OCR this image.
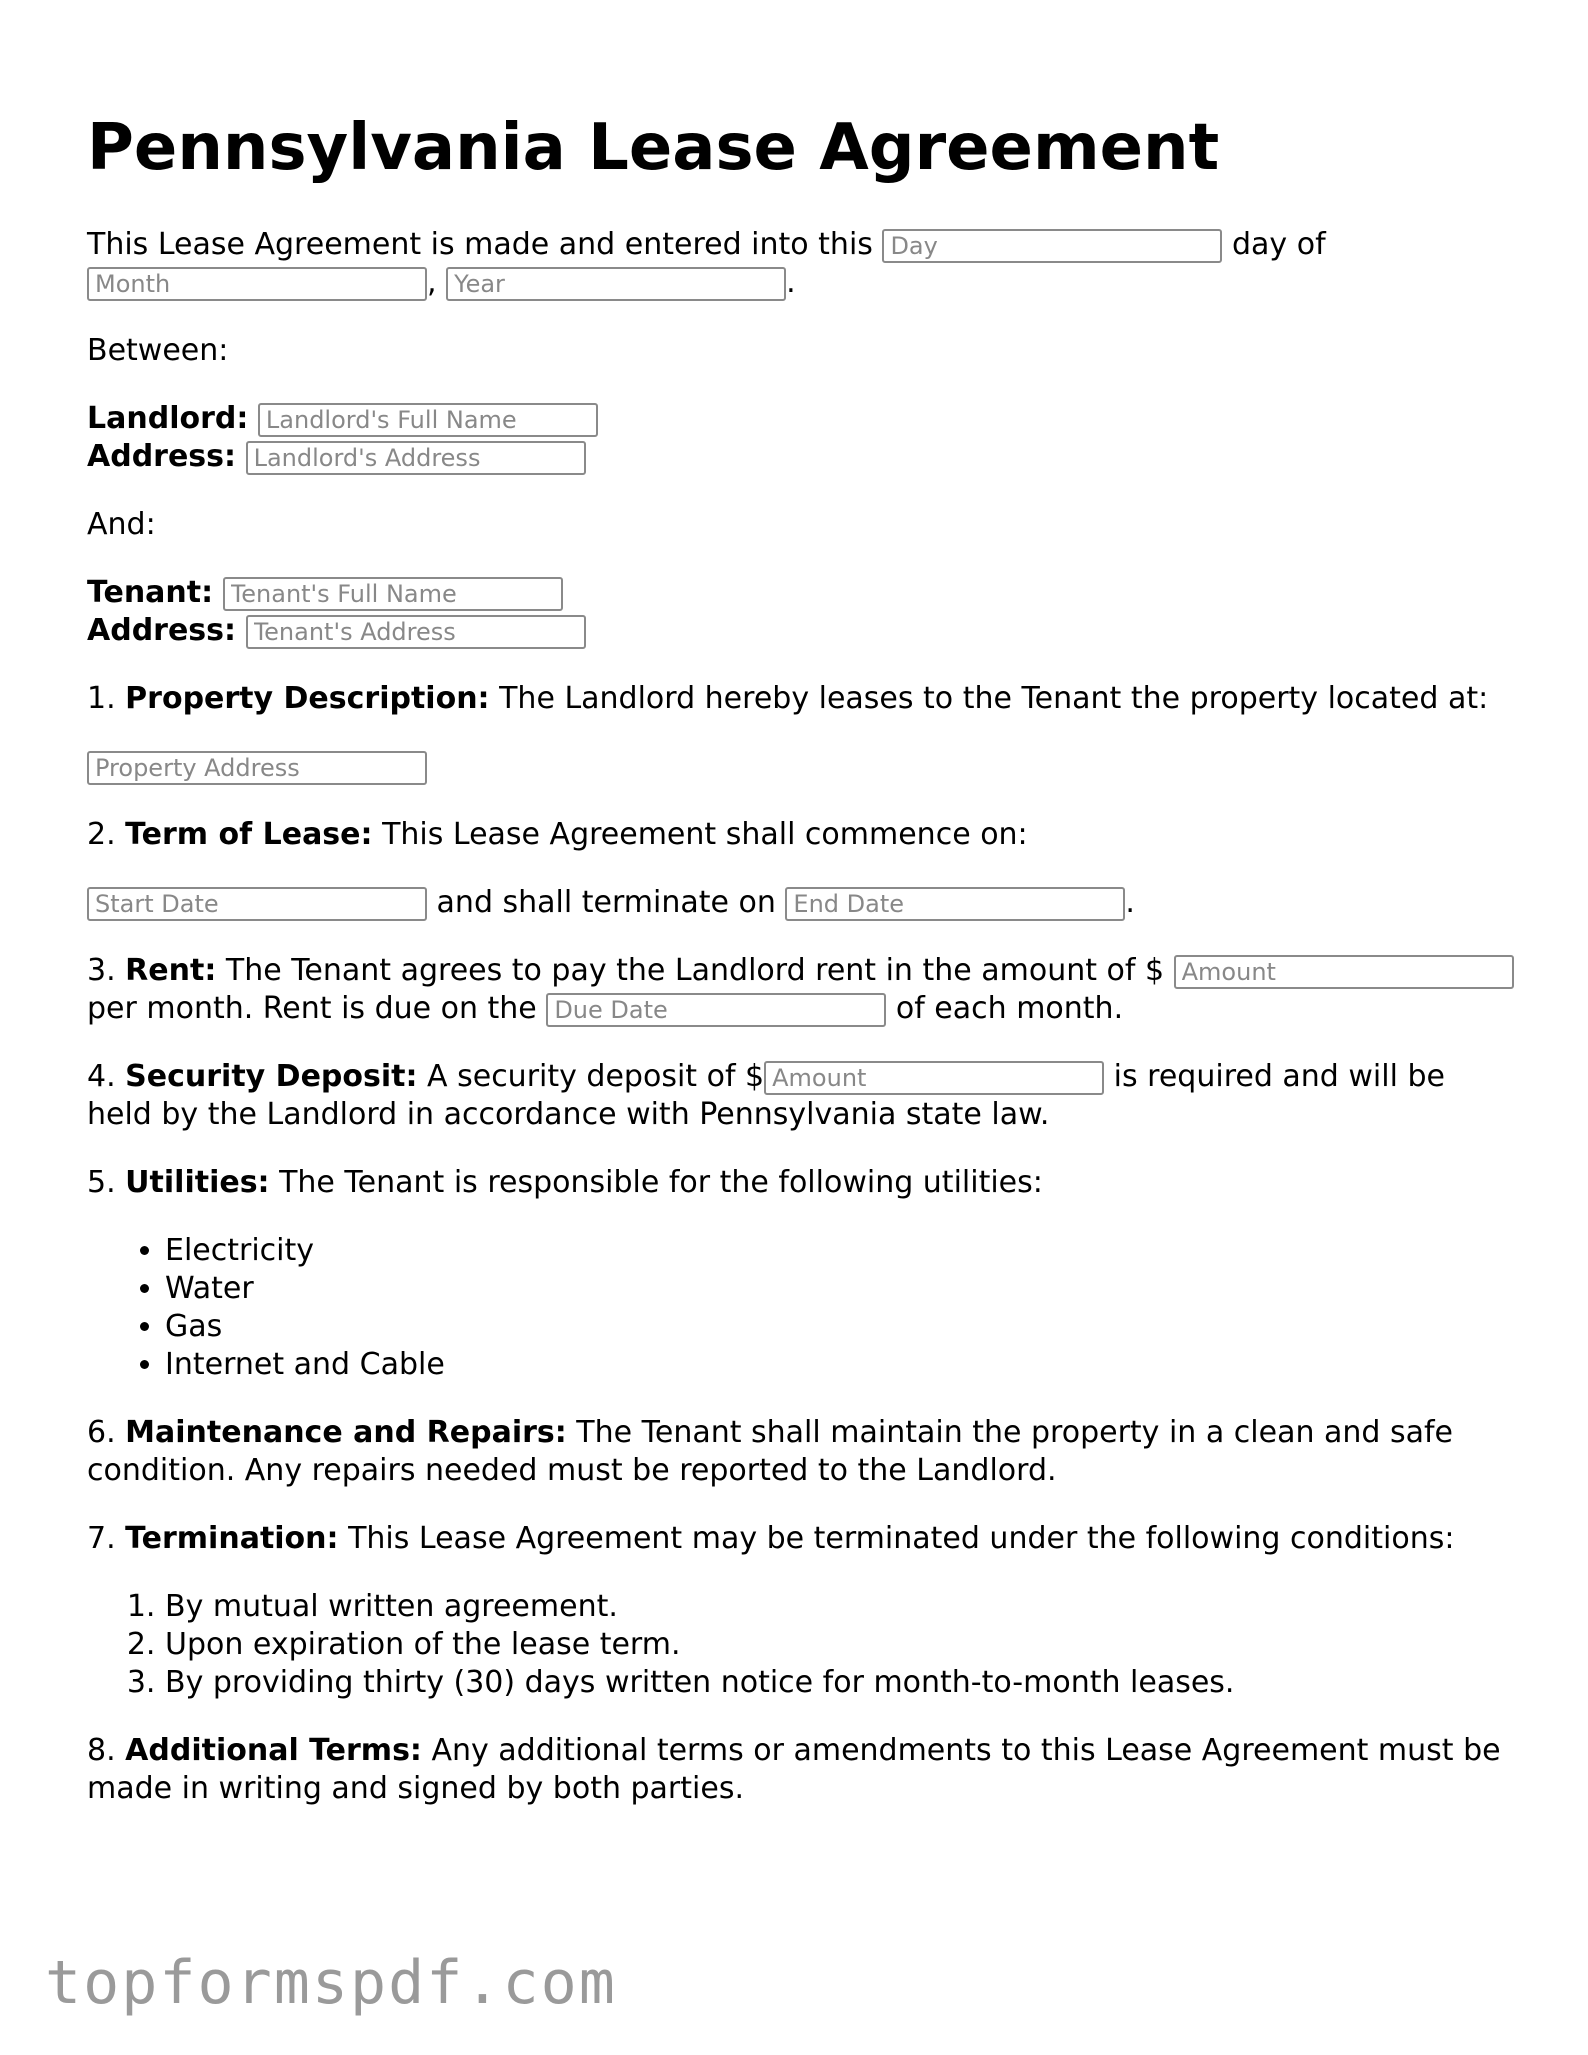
Pennsylvania Lease Agreement

This Lease Agreement is made and entered into this Day	day of Month, Year	.

Between:

Landlord: Landlord's Full Name
Address: Landlord's Address

And:

Tenant: Tenant's Full Name
Address: Tenant's Address

1. Property Description: The Landlord hereby leases to the Tenant the property located at:

Property Address

2. Term of Lease: This Lease Agreement shall commence on:

Start Date and shall terminate on End Date	.

3. Rent: The Tenant agrees to pay the Landlord rent in the amount of $ Amount per month. Rent is due on the Due Date	of each month.

4. Security Deposit: A security deposit of $Amount	is required and will be held by the Landlord in accordance with Pennsylvania state law.

5. Utilities: The Tenant is responsible for the following utilities:

• Electricity
• Water
• Gas
• Internet and Cable

6. Maintenance and Repairs: The Tenant shall maintain the property in a clean and safe condition. Any repairs needed must be reported to the Landlord.

7. Termination: This Lease Agreement may be terminated under the following conditions:

1. By mutual written agreement.
2. Upon expiration of the lease term.
3. By providing thirty (30) days written notice for month-to-month leases.

8. Additional Terms: Any additional terms or amendments to this Lease Agreement must be made in writing and signed by both parties.

topformspdf.com
